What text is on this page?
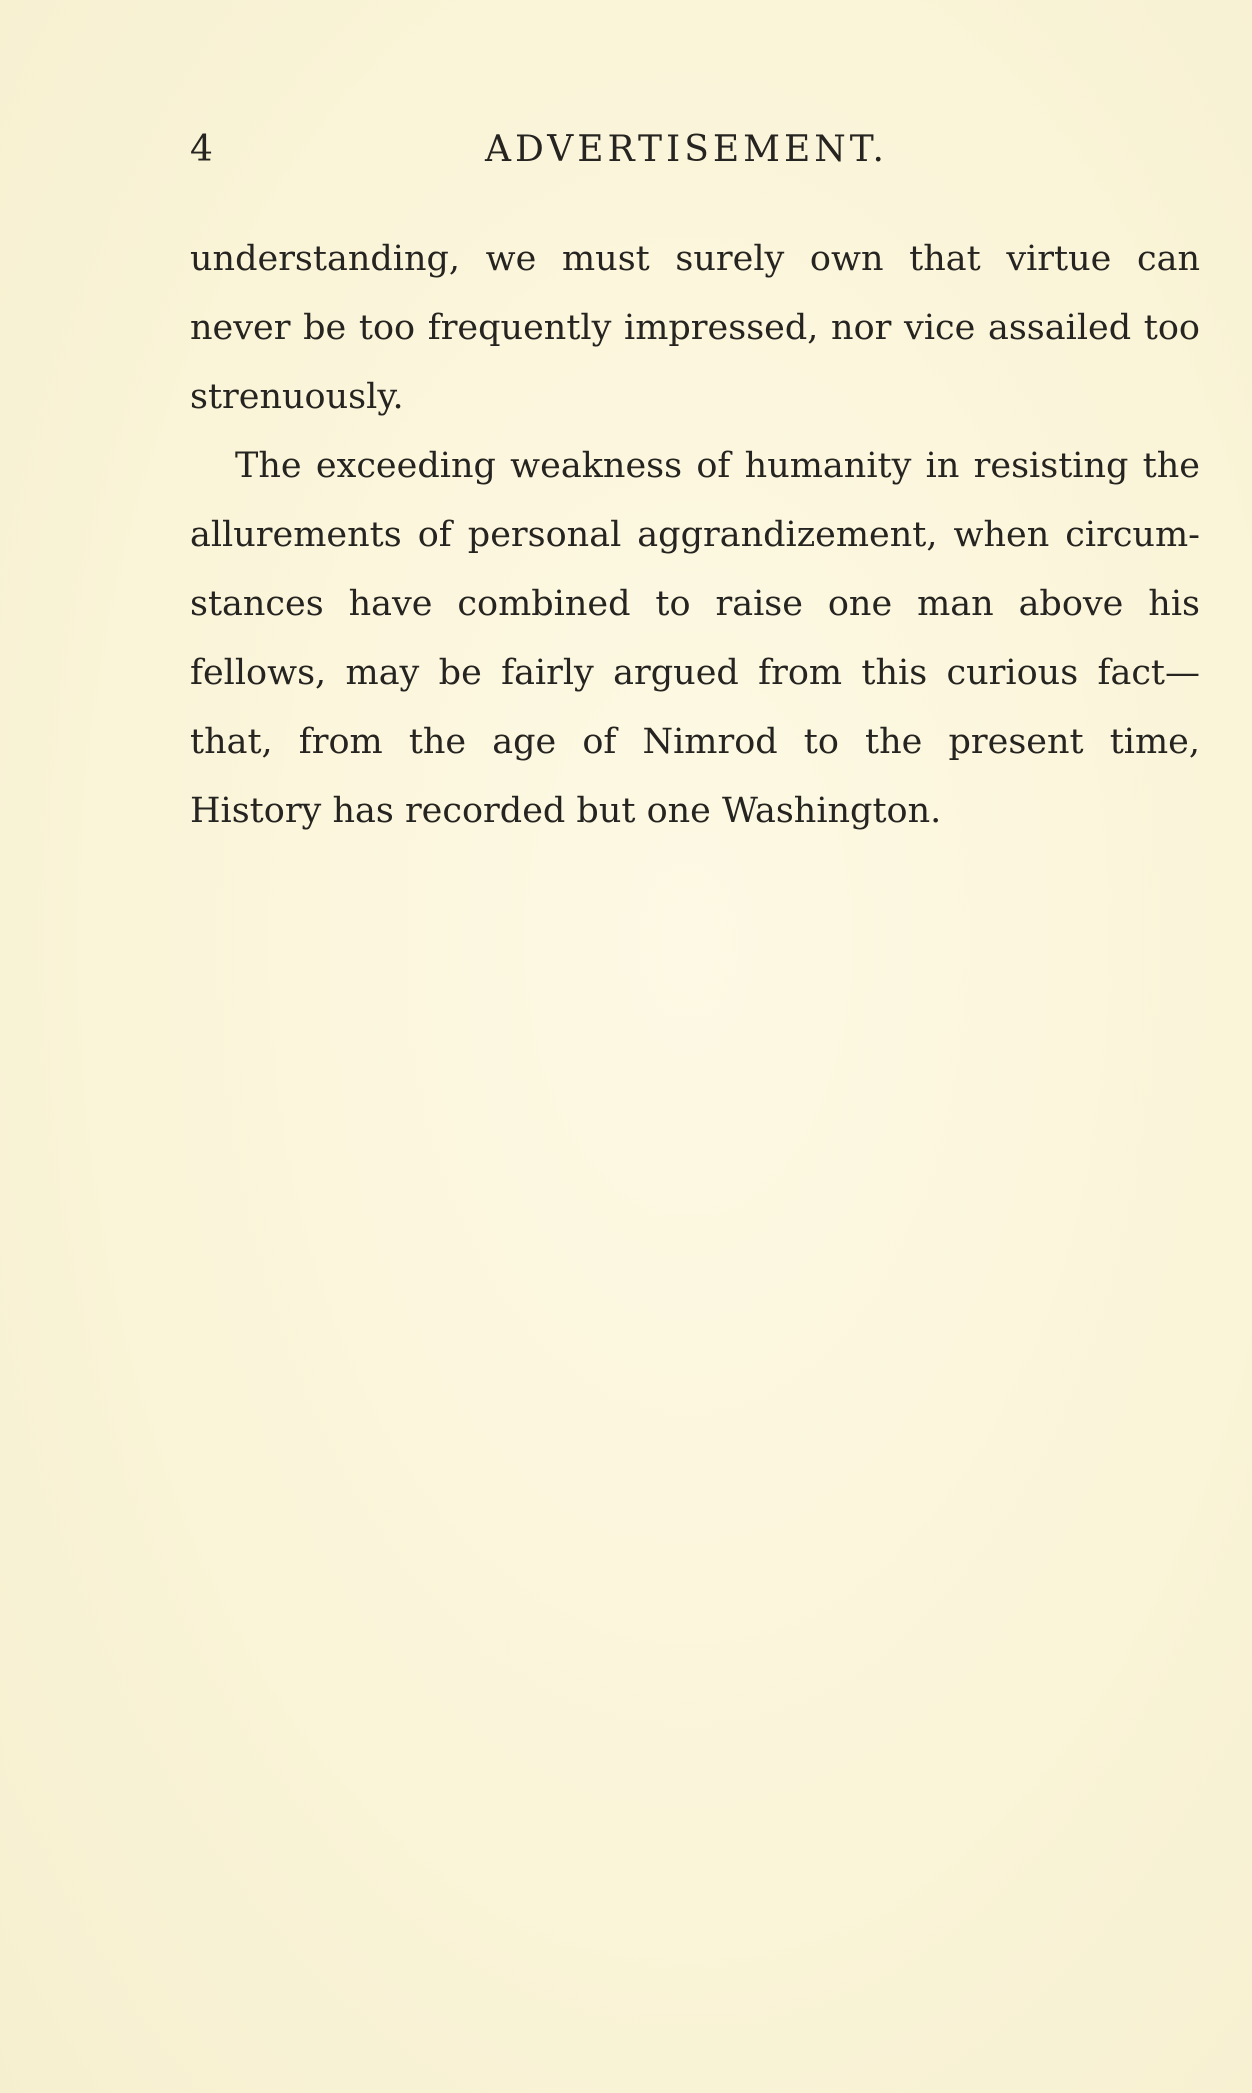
4	ADVERTISEMENT.

understanding, we must surely own that virtue can never be too frequently impressed, nor vice assailed too strenuously.

The exceeding weakness of humanity in resisting the allurements of personal aggrandizement, when circum-stances have combined to raise one man above his fellows, may be fairly argued from this curious fact—that, from the age of Nimrod to the present time, History has recorded but one Washington.
